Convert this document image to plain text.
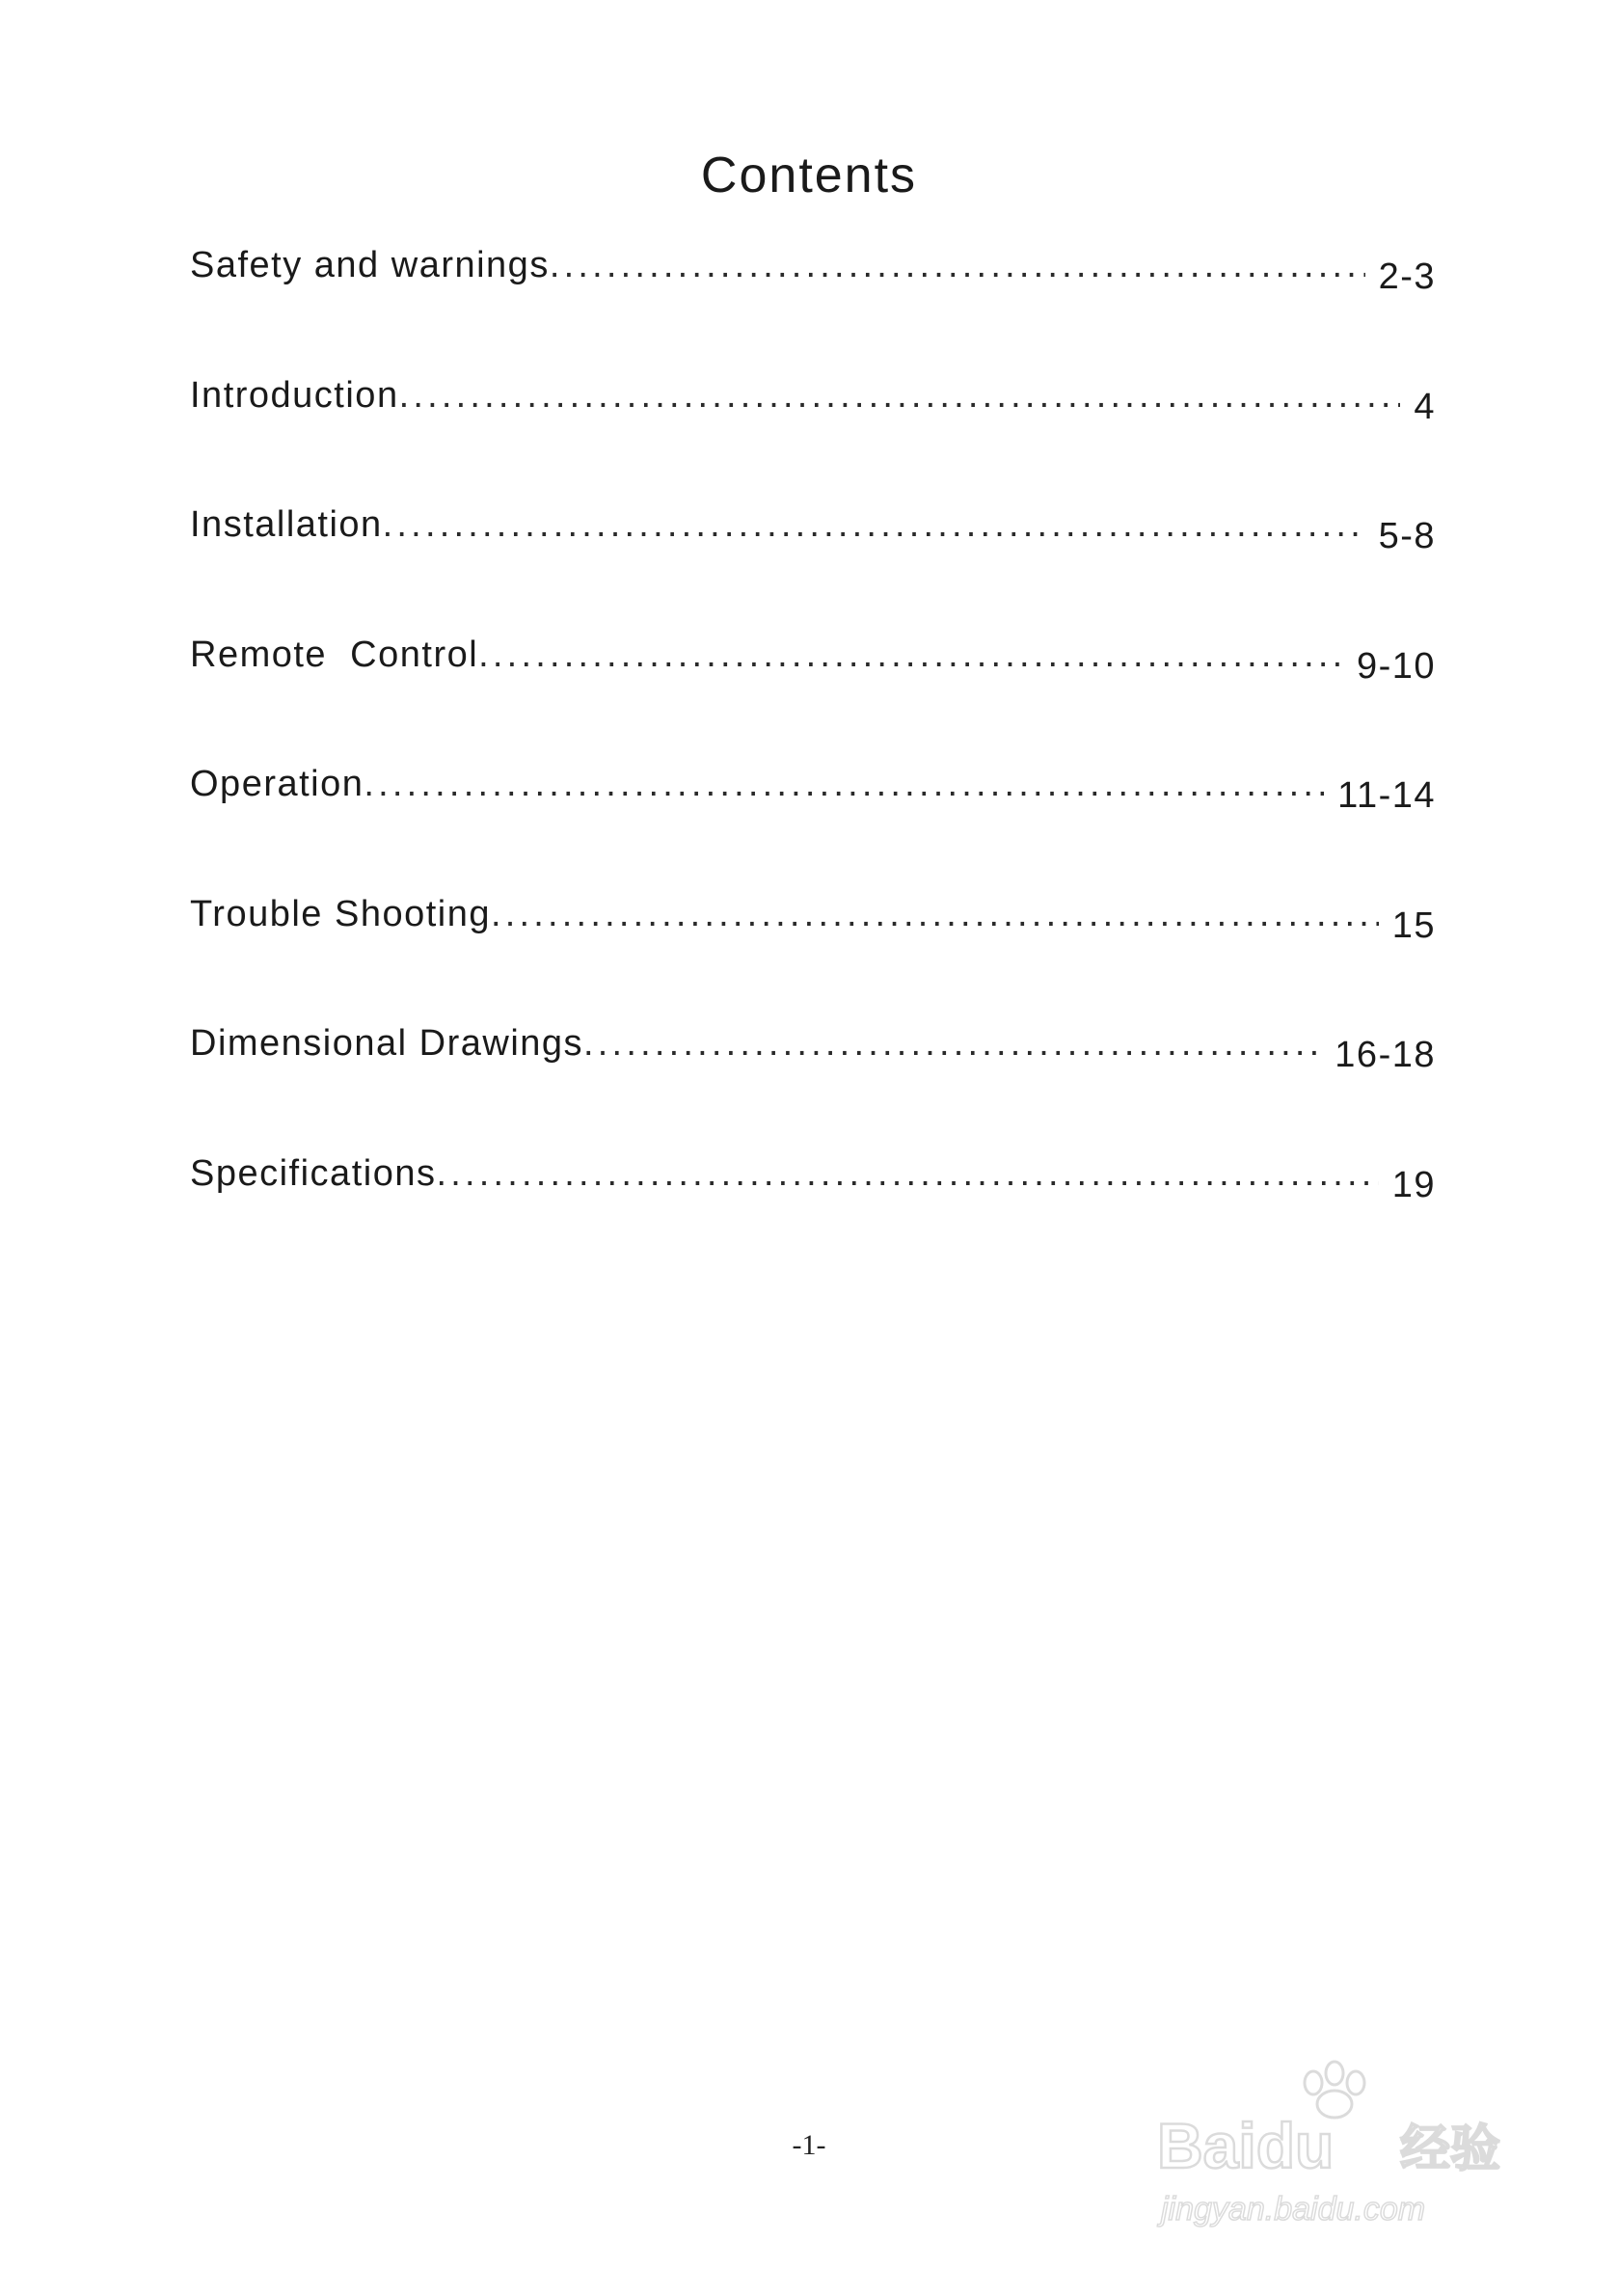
Contents
Safety and warnings .....	2-3
Introduction .....	4
Installation .....	5-8
Remote  Control .....	9-10
Operation .....	11-14
Trouble Shooting .....	15
Dimensional Drawings .....	16-18
Specifications .....	19
-1-	Baidu 经验
jingyan.baidu.com
